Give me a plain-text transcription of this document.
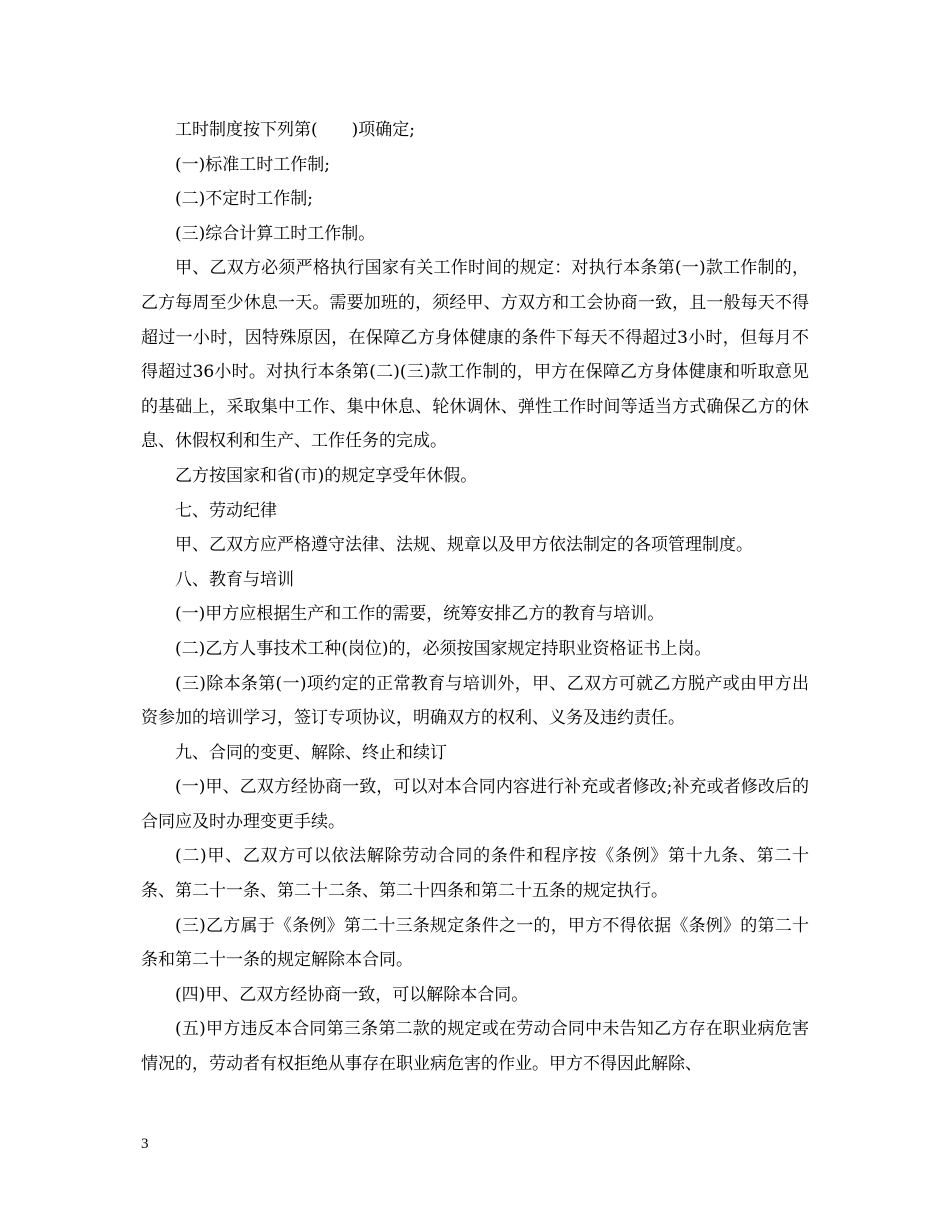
工时制度按下列第(　　)项确定;

(一)标准工时工作制;

(二)不定时工作制;

(三)综合计算工时工作制。

甲、乙双方必须严格执行国家有关工作时间的规定：对执行本条第(一)款工作制的，乙方每周至少休息一天。需要加班的，须经甲、方双方和工会协商一致，且一般每天不得超过一小时，因特殊原因，在保障乙方身体健康的条件下每天不得超过3小时，但每月不得超过36小时。对执行本条第(二)(三)款工作制的，甲方在保障乙方身体健康和听取意见的基础上，采取集中工作、集中休息、轮休调休、弹性工作时间等适当方式确保乙方的休息、休假权利和生产、工作任务的完成。

乙方按国家和省(市)的规定享受年休假。

七、劳动纪律

甲、乙双方应严格遵守法律、法规、规章以及甲方依法制定的各项管理制度。

八、教育与培训

(一)甲方应根据生产和工作的需要，统筹安排乙方的教育与培训。

(二)乙方人事技术工种(岗位)的，必须按国家规定持职业资格证书上岗。

(三)除本条第(一)项约定的正常教育与培训外，甲、乙双方可就乙方脱产或由甲方出资参加的培训学习，签订专项协议，明确双方的权利、义务及违约责任。

九、合同的变更、解除、终止和续订

(一)甲、乙双方经协商一致，可以对本合同内容进行补充或者修改;补充或者修改后的合同应及时办理变更手续。

(二)甲、乙双方可以依法解除劳动合同的条件和程序按《条例》第十九条、第二十条、第二十一条、第二十二条、第二十四条和第二十五条的规定执行。

(三)乙方属于《条例》第二十三条规定条件之一的，甲方不得依据《条例》的第二十条和第二十一条的规定解除本合同。

(四)甲、乙双方经协商一致，可以解除本合同。

(五)甲方违反本合同第三条第二款的规定或在劳动合同中未告知乙方存在职业病危害情况的，劳动者有权拒绝从事存在职业病危害的作业。甲方不得因此解除、

3
